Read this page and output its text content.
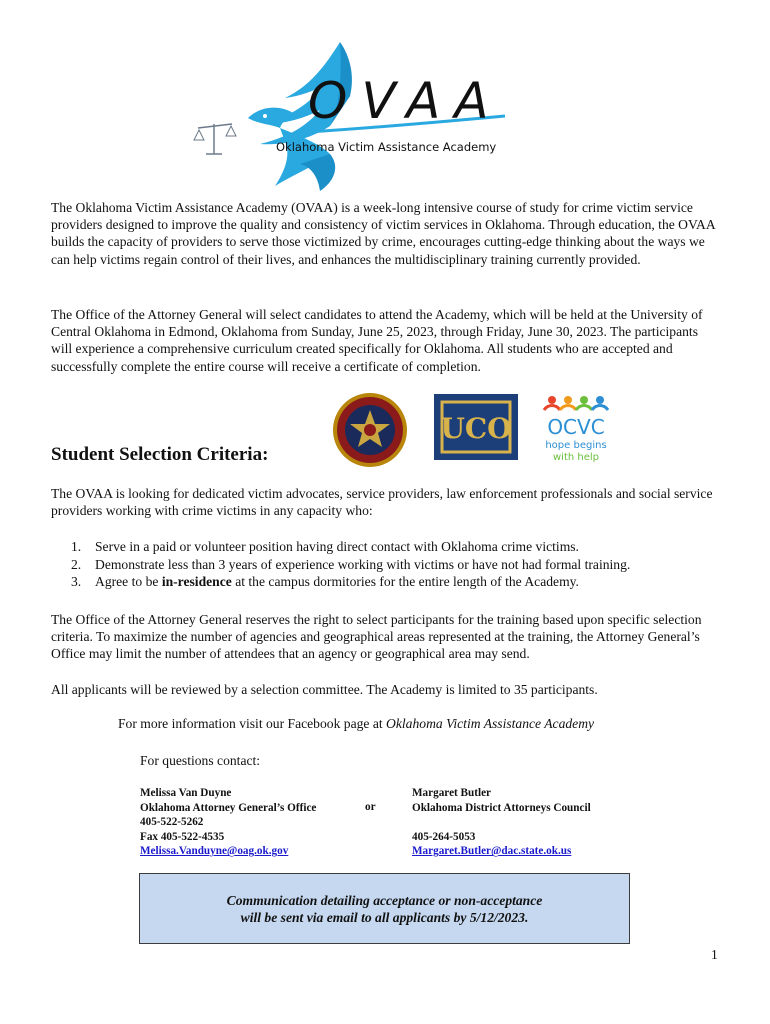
OVAA
Oklahoma Victim Assistance Academy

The Oklahoma Victim Assistance Academy (OVAA) is a week-long intensive course of study for crime victim service providers designed to improve the quality and consistency of victim services in Oklahoma. Through education, the OVAA builds the capacity of providers to serve those victimized by crime, encourages cutting-edge thinking about the ways we can help victims regain control of their lives, and enhances the multidisciplinary training currently provided.

The Office of the Attorney General will select candidates to attend the Academy, which will be held at the University of Central Oklahoma in Edmond, Oklahoma from Sunday, June 25, 2023, through Friday, June 30, 2023. The participants will experience a comprehensive curriculum created specifically for Oklahoma. All students who are accepted and successfully complete the entire course will receive a certificate of completion.

UCO OCVC
hope begins
with help
Student Selection Criteria:

The OVAA is looking for dedicated victim advocates, service providers, law enforcement professionals and social service providers working with crime victims in any capacity who:

1.	Serve in a paid or volunteer position having direct contact with Oklahoma crime victims.
2.	Demonstrate less than 3 years of experience working with victims or have not had formal training.
3.	Agree to be in-residence at the campus dormitories for the entire length of the Academy.

The Office of the Attorney General reserves the right to select participants for the training based upon specific selection criteria. To maximize the number of agencies and geographical areas represented at the training, the Attorney General’s Office may limit the number of attendees that an agency or geographical area may send.

All applicants will be reviewed by a selection committee. The Academy is limited to 35 participants.

For more information visit our Facebook page at Oklahoma Victim Assistance Academy
For questions contact:
Melissa Van Duyne
Oklahoma Attorney General’s Office
405-522-5262
Fax 405-522-4535
Melissa.Vanduyne@oag.ok.gov
or
Margaret Butler
Oklahoma District Attorneys Council
405-264-5053
Margaret.Butler@dac.state.ok.us
Communication detailing acceptance or non-acceptance
will be sent via email to all applicants by 5/12/2023.
1
